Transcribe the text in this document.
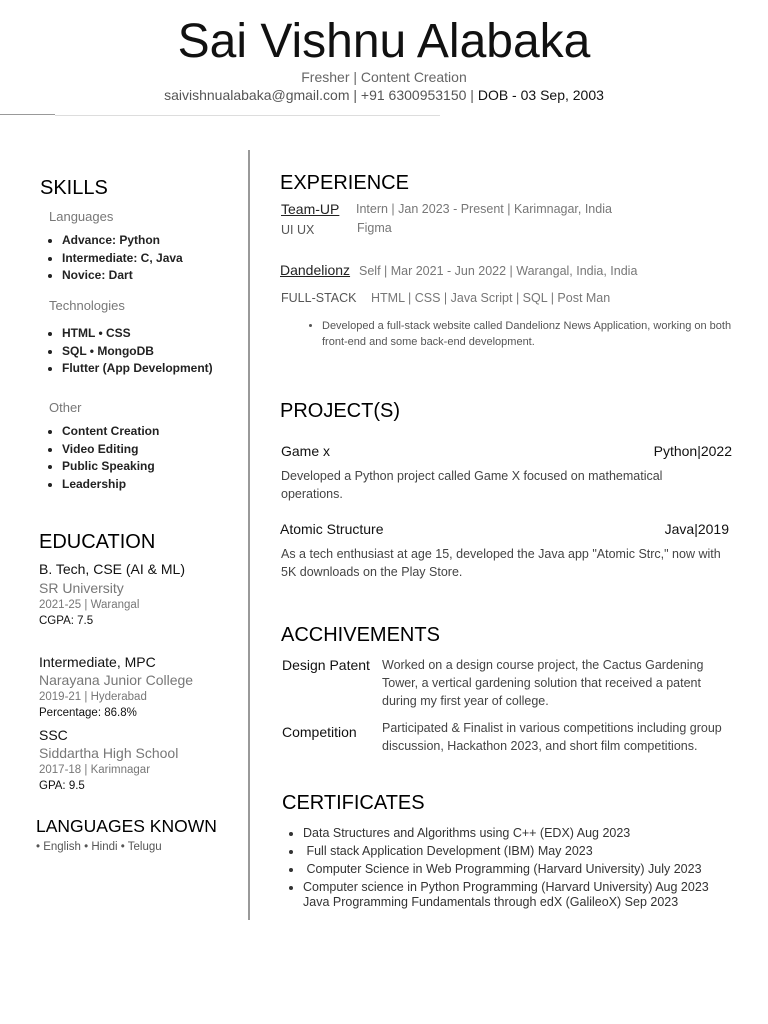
Sai Vishnu Alabaka
Fresher | Content Creation
saivishnualabaka@gmail.com | +91 6300953150 | DOB - 03 Sep, 2003
SKILLS
Languages
• Advance: Python
• Intermediate: C, Java
• Novice: Dart
Technologies
• HTML • CSS
• SQL • MongoDB
• Flutter (App Development)
Other
• Content Creation
• Video Editing
• Public Speaking
• Leadership
EDUCATION
B. Tech, CSE (AI & ML)
SR University
2021-25 | Warangal
CGPA: 7.5
Intermediate, MPC
Narayana Junior College
2019-21 | Hyderabad
Percentage: 86.8%
SSC
Siddartha High School
2017-18 | Karimnagar
GPA: 9.5
LANGUAGES KNOWN
• English • Hindi • Telugu
EXPERIENCE
Team-UP Intern | Jan 2023 - Present | Karimnagar, India
UI UX	Figma
Dandelionz Self | Mar 2021 - Jun 2022 | Warangal, India, India
FULL-STACK HTML | CSS | Java Script | SQL | Post Man
• Developed a full-stack website called Dandelionz News Application, working on both front-end and some back-end development.
PROJECT(S)
Game x	Python|2022
Developed a Python project called Game X focused on mathematical operations.
Atomic Structure	Java|2019
As a tech enthusiast at age 15, developed the Java app "Atomic Strc," now with 5K downloads on the Play Store.
ACCHIVEMENTS
Design Patent Worked on a design course project, the Cactus Gardening Tower, a vertical gardening solution that received a patent during my first year of college.
Competition Participated & Finalist in various competitions including group discussion, Hackathon 2023, and short film competitions.
CERTIFICATES
• Data Structures and Algorithms using C++ (EDX) Aug 2023
•  Full stack Application Development (IBM) May 2023
•  Computer Science in Web Programming (Harvard University) July 2023
• Computer science in Python Programming (Harvard University) Aug 2023
Java Programming Fundamentals through edX (GalileoX) Sep 2023
